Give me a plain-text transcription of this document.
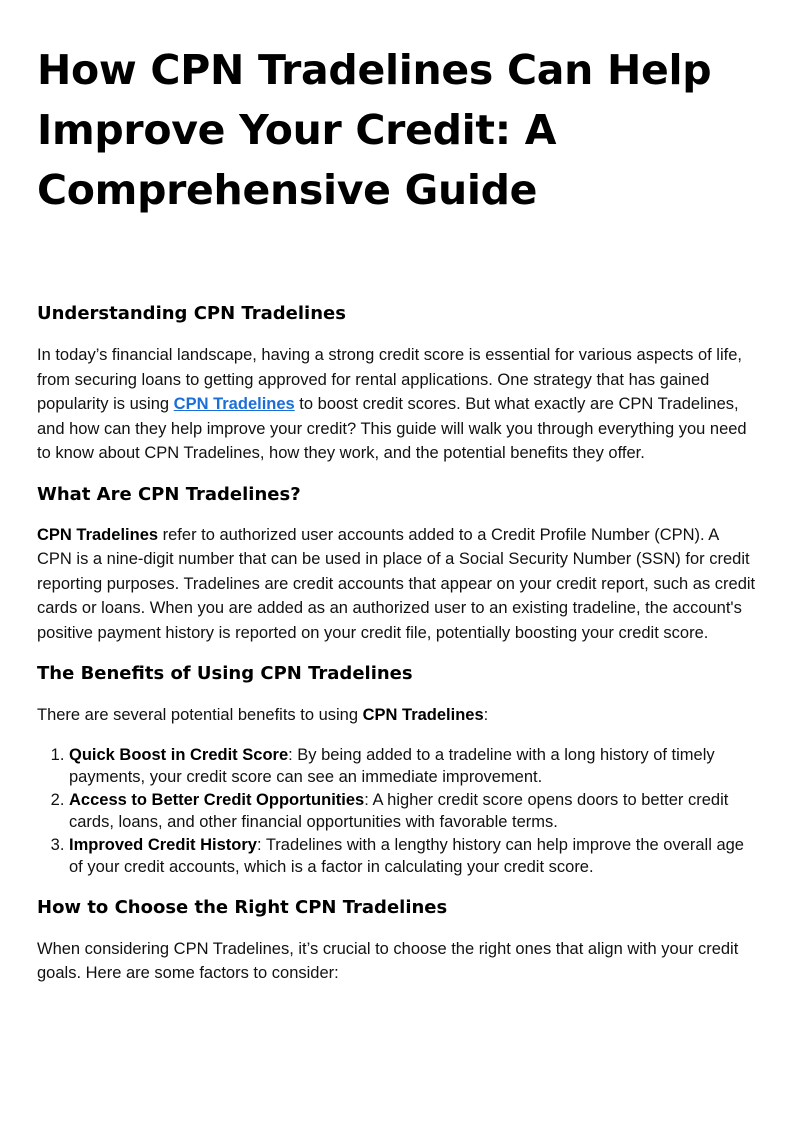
How CPN Tradelines Can Help Improve Your Credit: A Comprehensive Guide
Understanding CPN Tradelines

In today’s financial landscape, having a strong credit score is essential for various aspects of life, from securing loans to getting approved for rental applications. One strategy that has gained popularity is using CPN Tradelines to boost credit scores. But what exactly are CPN Tradelines, and how can they help improve your credit? This guide will walk you through everything you need to know about CPN Tradelines, how they work, and the potential benefits they offer.

What Are CPN Tradelines?

CPN Tradelines refer to authorized user accounts added to a Credit Profile Number (CPN). A CPN is a nine-digit number that can be used in place of a Social Security Number (SSN) for credit reporting purposes. Tradelines are credit accounts that appear on your credit report, such as credit cards or loans. When you are added as an authorized user to an existing tradeline, the account's positive payment history is reported on your credit file, potentially boosting your credit score.

The Benefits of Using CPN Tradelines

There are several potential benefits to using CPN Tradelines:

1. Quick Boost in Credit Score: By being added to a tradeline with a long history of timely payments, your credit score can see an immediate improvement.
2. Access to Better Credit Opportunities: A higher credit score opens doors to better credit cards, loans, and other financial opportunities with favorable terms.
3. Improved Credit History: Tradelines with a lengthy history can help improve the overall age of your credit accounts, which is a factor in calculating your credit score.
How to Choose the Right CPN Tradelines

When considering CPN Tradelines, it’s crucial to choose the right ones that align with your credit goals. Here are some factors to consider:
